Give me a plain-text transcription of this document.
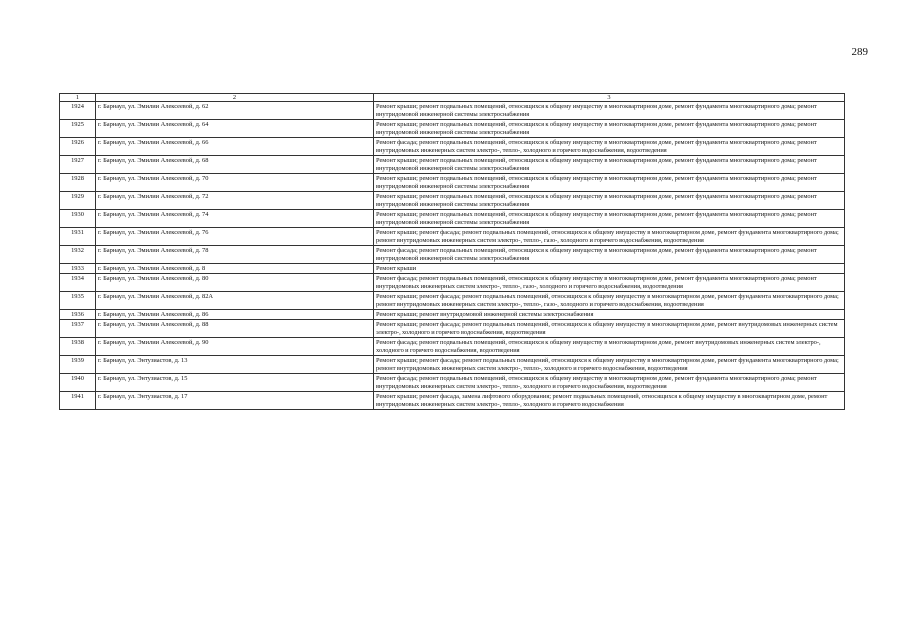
289
1	2	3
1924	г. Барнаул, ул. Эмилии Алексеевой, д. 62	Ремонт крыши; ремонт подвальных помещений, относящихся к общему имуществу в многоквартирном доме, ремонт фундамента многоквартирного дома; ремонт внутридомовой инженерной системы электроснабжения
1925	г. Барнаул, ул. Эмилии Алексеевой, д. 64	Ремонт крыши; ремонт подвальных помещений, относящихся к общему имуществу в многоквартирном доме, ремонт фундамента многоквартирного дома; ремонт внутридомовой инженерной системы электроснабжения
1926	г. Барнаул, ул. Эмилии Алексеевой, д. 66	Ремонт фасада; ремонт подвальных помещений, относящихся к общему имуществу в многоквартирном доме, ремонт фундамента многоквартирного дома; ремонт внутридомовых инженерных систем электро-, тепло-, холодного и горячего водоснабжения, водоотведения
1927	г. Барнаул, ул. Эмилии Алексеевой, д. 68	Ремонт крыши; ремонт подвальных помещений, относящихся к общему имуществу в многоквартирном доме, ремонт фундамента многоквартирного дома; ремонт внутридомовой инженерной системы электроснабжения
1928	г. Барнаул, ул. Эмилии Алексеевой, д. 70	Ремонт крыши; ремонт подвальных помещений, относящихся к общему имуществу в многоквартирном доме, ремонт фундамента многоквартирного дома; ремонт внутридомовой инженерной системы электроснабжения
1929	г. Барнаул, ул. Эмилии Алексеевой, д. 72	Ремонт крыши; ремонт подвальных помещений, относящихся к общему имуществу в многоквартирном доме, ремонт фундамента многоквартирного дома; ремонт внутридомовой инженерной системы электроснабжения
1930	г. Барнаул, ул. Эмилии Алексеевой, д. 74	Ремонт крыши; ремонт подвальных помещений, относящихся к общему имуществу в многоквартирном доме, ремонт фундамента многоквартирного дома; ремонт внутридомовой инженерной системы электроснабжения
1931	г. Барнаул, ул. Эмилии Алексеевой, д. 76	Ремонт крыши; ремонт фасада; ремонт подвальных помещений, относящихся к общему имуществу в многоквартирном доме, ремонт фундамента многоквартирного дома; ремонт внутридомовых инженерных систем электро-, тепло-, газо-, холодного и горячего водоснабжения, водоотведения
1932	г. Барнаул, ул. Эмилии Алексеевой, д. 78	Ремонт фасада; ремонт подвальных помещений, относящихся к общему имуществу в многоквартирном доме, ремонт фундамента многоквартирного дома; ремонт внутридомовой инженерной системы электроснабжения
1933	г. Барнаул, ул. Эмилии Алексеевой, д. 8	Ремонт крыши
1934	г. Барнаул, ул. Эмилии Алексеевой, д. 80	Ремонт фасада; ремонт подвальных помещений, относящихся к общему имуществу в многоквартирном доме, ремонт фундамента многоквартирного дома; ремонт внутридомовых инженерных систем электро-, тепло-, газо-, холодного и горячего водоснабжения, водоотведения
1935	г. Барнаул, ул. Эмилии Алексеевой, д. 82А	Ремонт крыши; ремонт фасада; ремонт подвальных помещений, относящихся к общему имуществу в многоквартирном доме, ремонт фундамента многоквартирного дома; ремонт внутридомовых инженерных систем электро-, тепло-, газо-, холодного и горячего водоснабжения, водоотведения
1936	г. Барнаул, ул. Эмилии Алексеевой, д. 86	Ремонт крыши; ремонт внутридомовой инженерной системы электроснабжения
1937	г. Барнаул, ул. Эмилии Алексеевой, д. 88	Ремонт крыши; ремонт фасада; ремонт подвальных помещений, относящихся к общему имуществу в многоквартирном доме, ремонт внутридомовых инженерных систем электро-, холодного и горячего водоснабжения, водоотведения
1938	г. Барнаул, ул. Эмилии Алексеевой, д. 90	Ремонт фасада; ремонт подвальных помещений, относящихся к общему имуществу в многоквартирном доме, ремонт внутридомовых инженерных систем электро-, холодного и горячего водоснабжения, водоотведения
1939	г. Барнаул, ул. Энтузиастов, д. 13	Ремонт крыши; ремонт фасада; ремонт подвальных помещений, относящихся к общему имуществу в многоквартирном доме, ремонт фундамента многоквартирного дома; ремонт внутридомовых инженерных систем электро-, тепло-, холодного и горячего водоснабжения, водоотведения
1940	г. Барнаул, ул. Энтузиастов, д. 15	Ремонт фасада; ремонт подвальных помещений, относящихся к общему имуществу в многоквартирном доме, ремонт фундамента многоквартирного дома; ремонт внутридомовых инженерных систем электро-, тепло-, холодного и горячего водоснабжения, водоотведения
1941	г. Барнаул, ул. Энтузиастов, д. 17	Ремонт крыши; ремонт фасада, замена лифтового оборудования; ремонт подвальных помещений, относящихся к общему имуществу в многоквартирном доме, ремонт внутридомовых инженерных систем электро-, тепло-, холодного и горячего водоснабжения
